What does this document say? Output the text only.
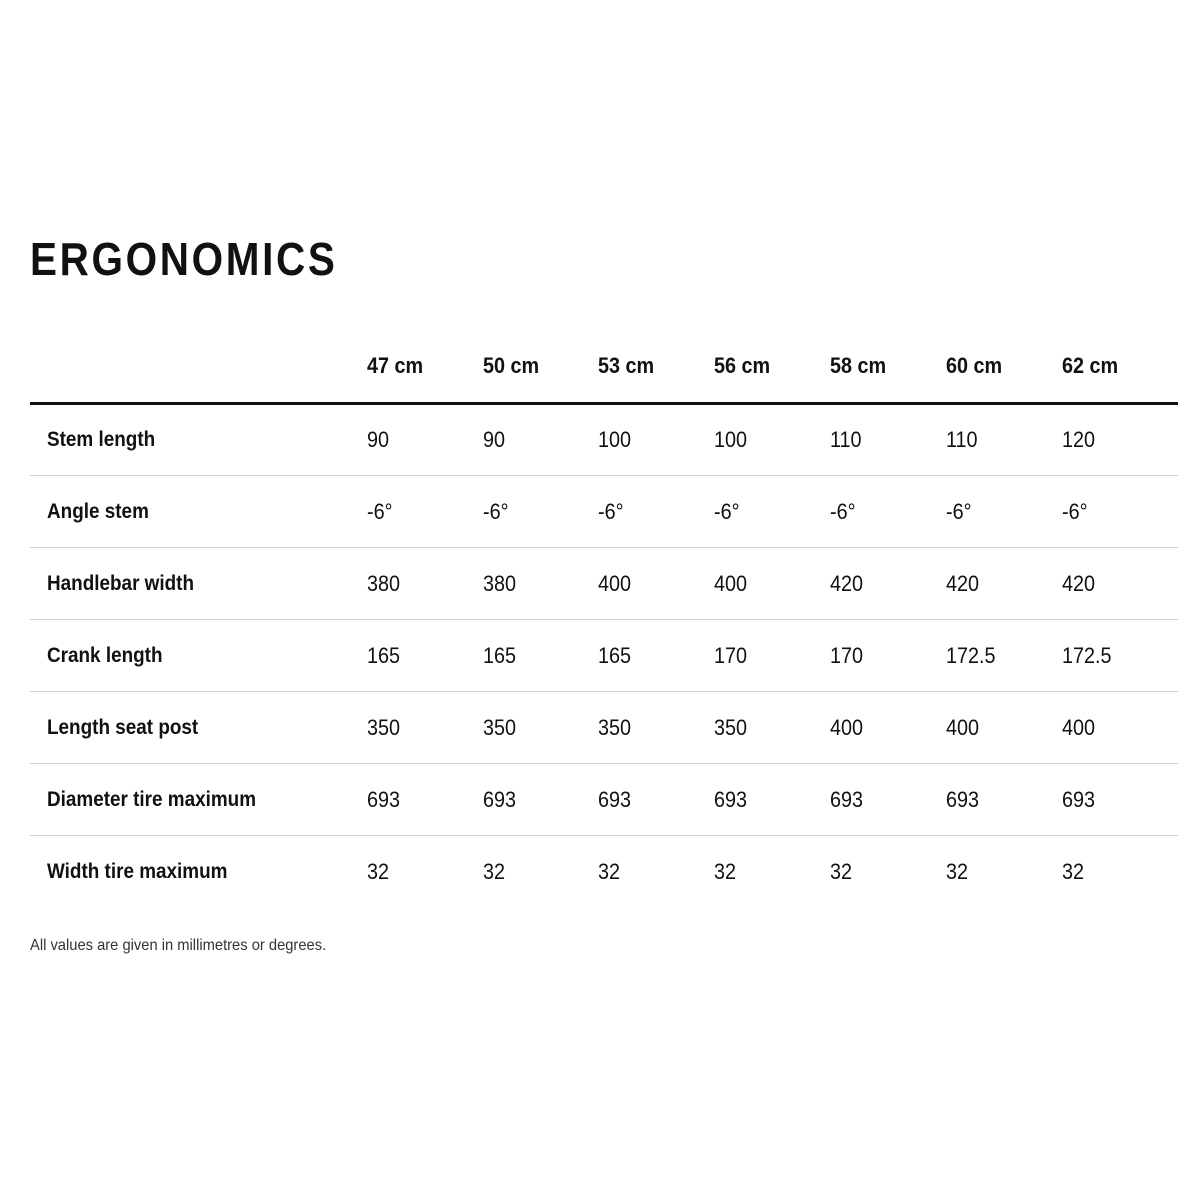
ERGONOMICS
	47 cm	50 cm	53 cm	56 cm	58 cm	60 cm	62 cm
Stem length	90	90	100	100	110	110	120
Angle stem	-6°	-6°	-6°	-6°	-6°	-6°	-6°
Handlebar width	380	380	400	400	420	420	420
Crank length	165	165	165	170	170	172.5	172.5
Length seat post	350	350	350	350	400	400	400
Diameter tire maximum	693	693	693	693	693	693	693
Width tire maximum	32	32	32	32	32	32	32

All values are given in millimetres or degrees.
